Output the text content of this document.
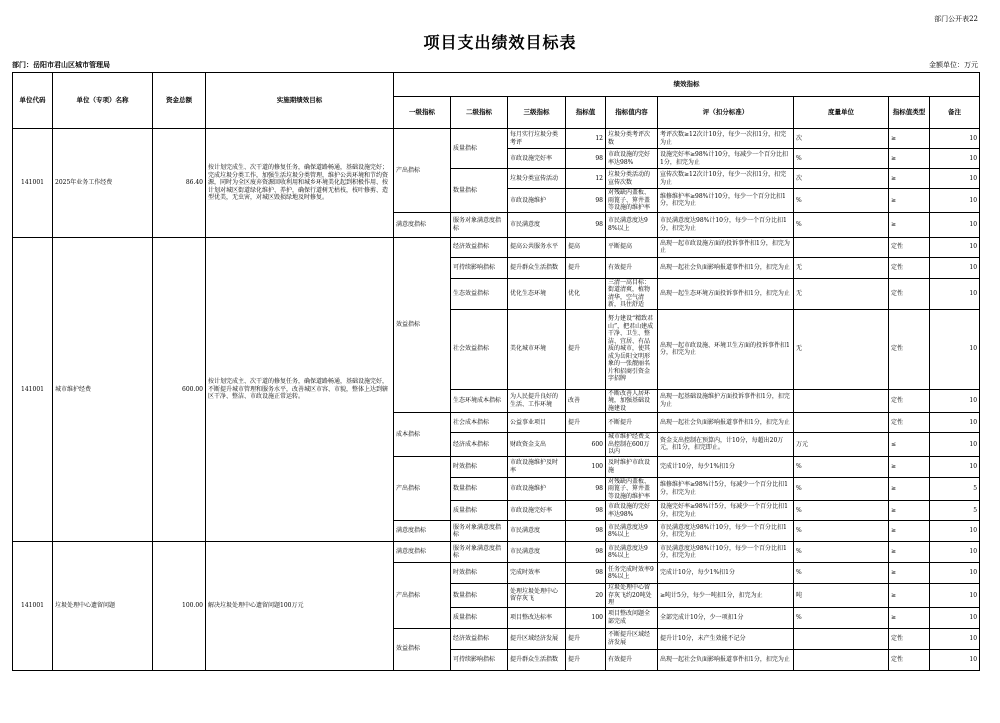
部门公开表22
项目支出绩效目标表
部门：岳阳市君山区城市管理局	金额单位：万元
单位代码	单位（专项）名称	资金总额	实施期绩效目标	绩效指标								
				一级指标	二级指标	三级指标	指标值	指标值内容	评（扣分标准）	度量单位	指标值类型	备注
141001	2025年业务工作经费	86.40	按计划完成生、次干道的修复任务，确保道路畅通，基础设施完好；完成垃圾分类工作，加强生活垃圾分类管理，维护公共环境和节约资源，同时为全区废弃资源回收利用和城乡环境美化起到积极作用、按计划对城区街道绿化维护、养护，确保行道树无枯枝，枝叶修剪、造型优美，无虫害，对城区毁损绿地及时修复。	产出指标	质量指标	每月实行垃圾分类考评	12	垃圾分类考评次数	考评次数≥12次计10分，每少一次扣1分，扣完为止	次	≥	10
						市政设施完好率	98	市政设施的完好率达98%	设施完好率≥98%计10分，每减少一个百分比扣1分，扣完为止	%	≥	10
					数量指标	垃圾分类宣传活动	12	垃圾分类活动的宣传次数	宣传次数≥12次计10分，每少一次扣1分，扣完为止	次	≥	10
						市政设施维护	98	对残缺内盖板、雨篦子、箅井盖等设施的维护率	维修维护率≥98%计10分，每少一个百分比扣1分，扣完为止	%	≥	10
				满意度指标	服务对象满意度指标	市民满意度	98	市民满意度达98%以上	市民满意度达98%计10分，每少一个百分比扣1分，扣完为止	%	≥	10
141001	城市维护经费	600.00	按计划完成主、次干道的修复任务，确保道路畅通，基础设施完好，不断提升城市管理和服务水平，改善城区市容、市貌，整体上达到辖区干净、整洁、市政设施正常运转。	效益指标	经济效益指标	提高公共服务水平	提高	平断提高	出现一起市政设施方面的投诉事件扣1分，扣完为止		定性	10
					可持续影响指标	提升群众生活指数	提升	有效提升	出现一起社会负面影响报道事件扣1分，扣完为止	无	定性	10
					生态效益指标	优化生态环境	优化	三清一高目标：街道清爽，植物清华，空气清新，具住舒适	出现一起生态环境方面投诉事件扣1分，扣完为止	无	定性	10
					社会效益指标	美化城市环境	提升	努力建设“精致君山”，把君山建成干净、卫生、整洁、宜居、有品质的城市，使其成为岳阳文明形象的一张靓丽名片和招商引资金字招牌	出现一起市政设施、环境卫生方面的投诉事件扣1分，扣完为止	无	定性	10
					生态环境成本指标	为人民提升良好的生活、工作环境	改善	不断改善人居环境，加强基础设施建设	出现一起基础设施维护方面投诉事件扣1分，扣完为止		定性	10
				成本指标	社会成本指标	公益事业项目	提升	不断提升	出现一起社会负面影响报道事件扣1分，扣完为止		定性	10
					经济成本指标	财政资金支出	600	城市维护经费支出控制在600万以内	资金支出控制在预算内，计10分，每超出20万元，扣1分，扣完即止。	万元	≤	10
				产出指标	时效指标	市政设施维护及时率	100	及时维护市政设施	完成计10分，每少1%扣1分	%	≥	10
					数量指标	市政设施维护	98	对残缺内盖板、雨篦子、箅井盖等设施的维护率	维修维护率≥98%计5分，每减少一个百分比扣1分，扣完为止	%	≥	5
					质量指标	市政设施完好率	98	市政设施的完好率达98%	设施完好率≥98%计5分，每减少一个百分比扣1分，扣完为止	%	≥	5
				满意度指标	服务对象满意度指标	市民满意度	98	市民满意度达98%以上	市民满意度达98%计10分，每少一个百分比扣1分，扣完为止	%	≥	10
141001	垃圾处理中心遗留问题	100.00	解决垃圾处理中心遗留问题100万元	满意度指标	服务对象满意度指标	市民满意度	98	市民满意度达98%以上	市民满意度达98%计10分，每少一个百分比扣1分，扣完为止	%	≥	10
				产出指标	时效指标	完成时效率	98	任务完成时效率98%以上	完成计10分，每少1%扣1分	%	≥	10
					数量指标	处理垃圾处理中心留存灰飞	20	垃圾处理中心留存灰飞约20吨处理	≥吨计5分，每少一吨扣1分，扣完为止	吨	≥	10
					质量指标	项目整改达标率	100	项目整改问题全部完成	全部完成计10分，少一项扣1分	%	≥	10
				效益指标	经济效益指标	提升区域经济发展	提升	不断提升区域经济发展	提升计10分，未产生效能不记分		定性	10
					可持续影响指标	提升群众生活指数	提升	有效提升	出现一起社会负面影响报道事件扣1分，扣完为止		定性	10
